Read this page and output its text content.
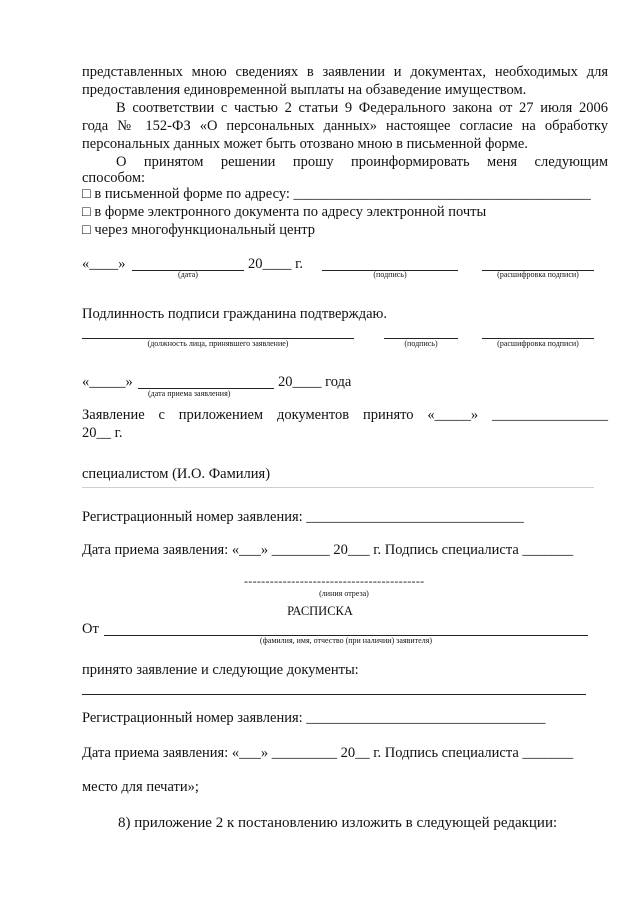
представленных мною сведениях в заявлении и документах, необходимых для
предоставления единовременной выплаты на обзаведение имуществом.
В соответствии с частью 2 статьи 9 Федерального закона от 27 июля 2006
года № 152-ФЗ «О персональных данных» настоящее согласие на обработку
персональных данных может быть отозвано мною в письменной форме.
О принятом решении прошу проинформировать меня следующим
способом:
□ в письменной форме по адресу: _________________________________________
□ в форме электронного документа по адресу электронной почты
□ через многофункциональный центр
«____»	20____ г.
(дата)	(подпись)	(расшифровка подписи)
Подлинность подписи гражданина подтверждаю.
(должность лица, принявшего заявление)	(подпись)	(расшифровка подписи)
«_____»	20____ года
(дата приема заявления)
Заявление с приложением документов принято «_____» ________________
20__ г.
специалистом (И.О. Фамилия)
Регистрационный номер заявления: ______________________________
Дата приема заявления: «___» ________ 20___ г. Подпись специалиста _______
------------------------------------------
(линия отреза)
РАСПИСКА
От
(фамилия, имя, отчество (при наличии) заявителя)
принято заявление и следующие документы:
Регистрационный номер заявления: _________________________________
Дата приема заявления: «___» _________ 20__ г. Подпись специалиста _______
место для печати»;
8) приложение 2 к постановлению изложить в следующей редакции:
